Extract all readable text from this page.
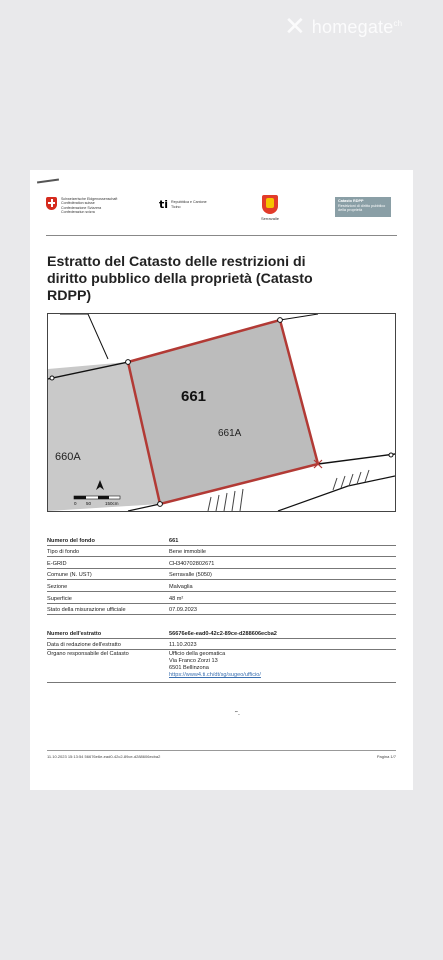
✕ homegate$^{ch}$
Schweizerische Eidgenossenschaft
Confédération suisse
Confederazione Svizzera
Confederaziun svizra
ti Repubblica e Cantone
Ticino
Serravalle
Catasto RDPP
Restrizioni di diritto pubblico
della proprietà
Estratto del Catasto delle restrizioni di diritto pubblico della proprietà (Catasto RDPP)
661
661A
660A
0 50	150cm
Numero del fondo	661
Tipo di fondo	Bene immobile
E-GRID	CH340702802671
Comune (N. UST)	Serravalle (5050)
Sezione	Malvaglia
Superficie	48 m²
Stato della misurazione ufficiale	07.09.2023
Numero dell'estratto	56676e6e-ead0-42c2-89ce-d288606ecba2
Data di redazione dell'estratto	11.10.2023
Organo responsabile del Catasto	Ufficio della geomatica
Via Franco Zorzi 13
6501 Bellinzona
https://www4.ti.ch/dt/sg/sugeo/ufficio/
˜·
11.10.2023 15:13:54 56676e6e-ead0-42c2-89ce-d288606ecba2	Pagina 1/7
